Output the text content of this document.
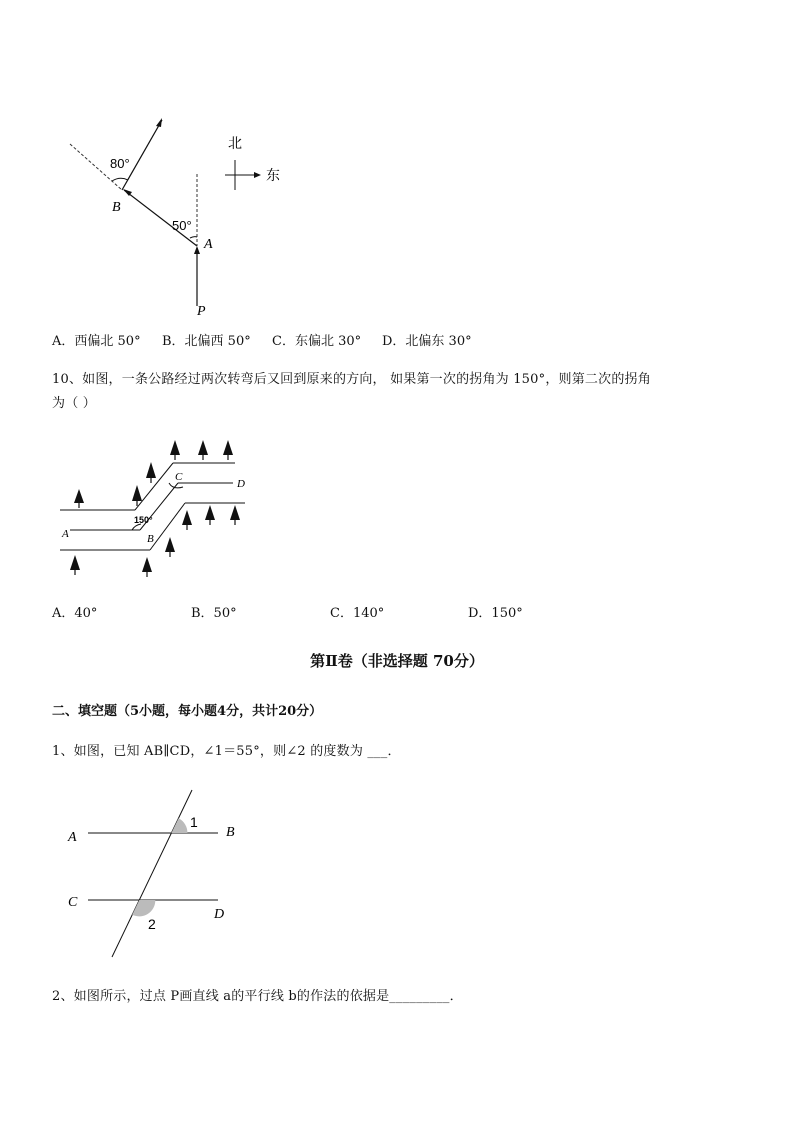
80°
B
50°
A
P
北
东
A．西偏北 50° B．北偏西 50° C．东偏北 30° D．北偏东 30°
10、如图，一条公路经过两次转弯后又回到原来的方向， 如果第一次的拐角为 150°，则第二次的拐角
为（ ）
A	B
C
D
150°
A．40°	B．50°	C．140°	D．150°
第Ⅱ卷（非选择题 70分）
二、填空题（5小题，每小题4分，共计20分）
1、如图，已知 AB∥CD，∠1＝55°，则∠2 的度数为 ___．
A	B
C
D
1
2
2、如图所示，过点 P画直线 a的平行线 b的作法的依据是_________．
